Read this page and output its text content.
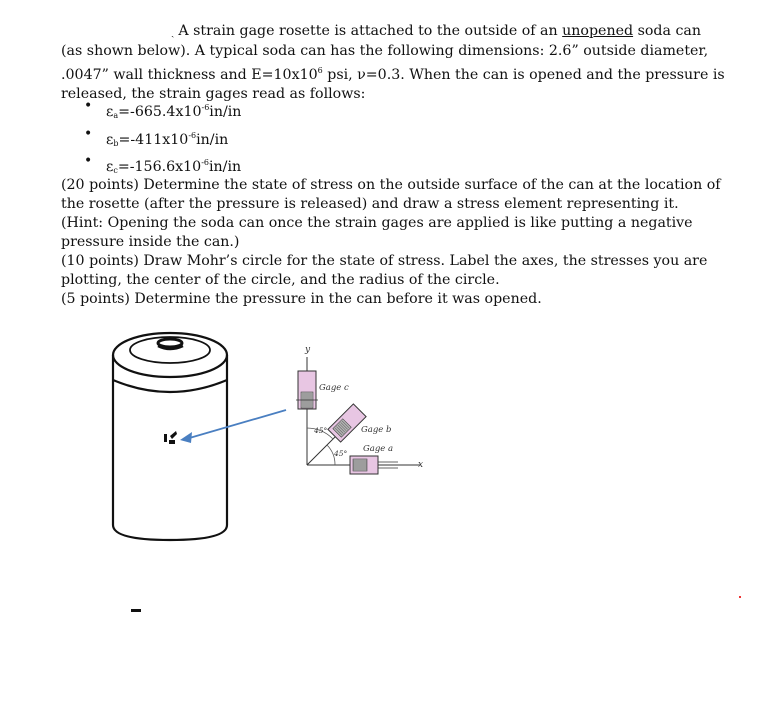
ˏ A strain gage rosette is attached to the outside of an unopened soda can
(as shown below). A typical soda can has the following dimensions: 2.6” outside diameter,
.0047” wall thickness and $E=10x10^6$ psi, ν=0.3. When the can is opened and the pressure is
released, the strain gages read as follows:
• $\varepsilon_a=-665.4x10^{-6}in/in$
• $\varepsilon_b=-411x10^{-6}in/in$
• $\varepsilon_c=-156.6x10^{-6}in/in$
(20 points) Determine the state of stress on the outside surface of the can at the location of
the rosette (after the pressure is released) and draw a stress element representing it.
(Hint: Opening the soda can once the strain gages are applied is like putting a negative
pressure inside the can.)
(10 points) Draw Mohr’s circle for the state of stress. Label the axes, the stresses you are
plotting, the center of the circle, and the radius of the circle.
(5 points) Determine the pressure in the can before it was opened.
y
x
Gage c
Gage b
Gage a
45°
45°
